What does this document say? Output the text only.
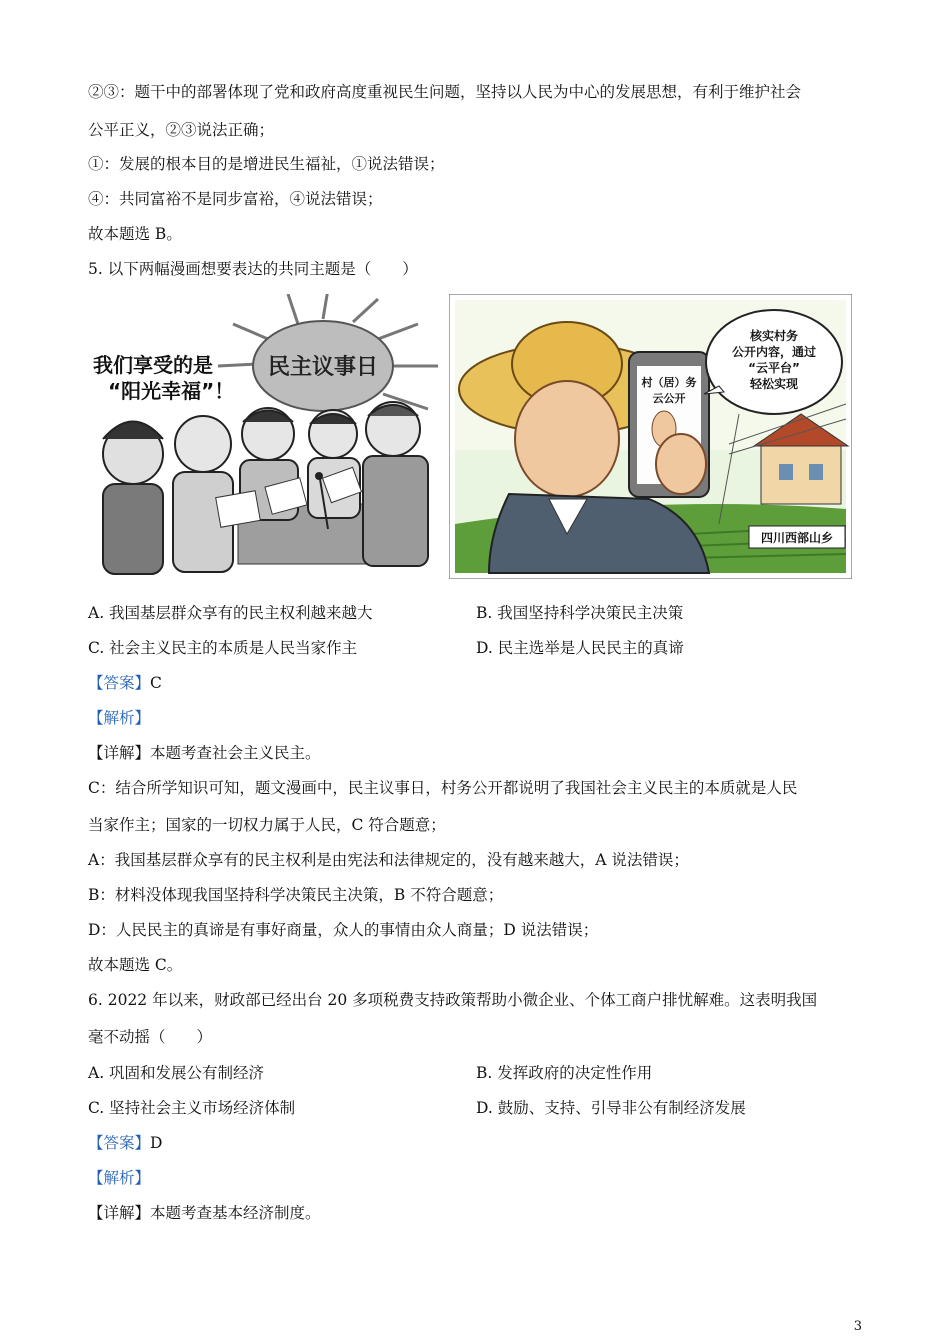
②③：题干中的部署体现了党和政府高度重视民生问题，坚持以人民为中心的发展思想，有利于维护社会
公平正义，②③说法正确；
①：发展的根本目的是增进民生福祉，①说法错误；
④：共同富裕不是同步富裕，④说法错误；
故本题选 B。
5. 以下两幅漫画想要表达的共同主题是（　　）
民主议事日
我们享受的是
“阳光幸福”！	村（居）务
云公开
核实村务
公开内容，通过
“云平台”
轻松实现
四川西部山乡
A. 我国基层群众享有的民主权利越来越大	B. 我国坚持科学决策民主决策
C. 社会主义民主的本质是人民当家作主	D. 民主选举是人民民主的真谛
【答案】C
【解析】
【详解】本题考查社会主义民主。
C：结合所学知识可知，题文漫画中，民主议事日，村务公开都说明了我国社会主义民主的本质就是人民
当家作主；国家的一切权力属于人民，C 符合题意；
A：我国基层群众享有的民主权利是由宪法和法律规定的，没有越来越大，A 说法错误；
B：材料没体现我国坚持科学决策民主决策，B 不符合题意；
D：人民民主的真谛是有事好商量，众人的事情由众人商量；D 说法错误；
故本题选 C。
6. 2022 年以来，财政部已经出台 20 多项税费支持政策帮助小微企业、个体工商户排忧解难。这表明我国
毫不动摇（　　）
A. 巩固和发展公有制经济	B. 发挥政府的决定性作用
C. 坚持社会主义市场经济体制	D. 鼓励、支持、引导非公有制经济发展
【答案】D
【解析】
【详解】本题考查基本经济制度。
3
